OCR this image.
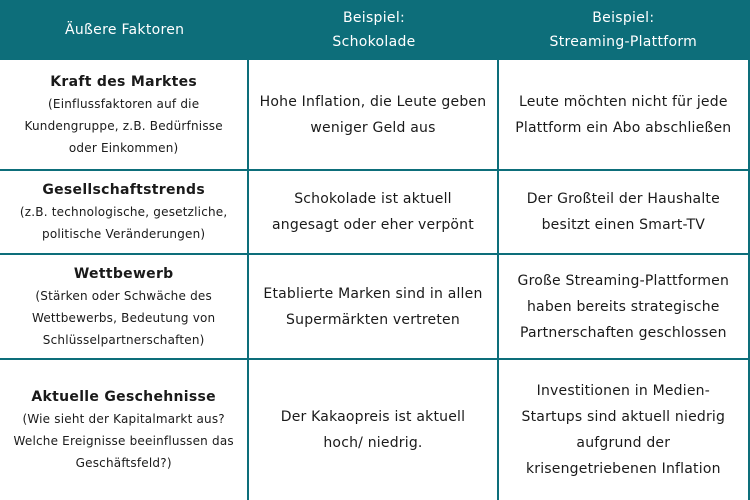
Äußere Faktoren
Beispiel:
Schokolade
Beispiel:
Streaming-Plattform
Kraft des Marktes
(Einflussfaktoren auf die
Kundengruppe, z.B. Bedürfnisse
oder Einkommen)
Hohe Inflation, die Leute geben
weniger Geld aus
Leute möchten nicht für jede
Plattform ein Abo abschließen
Gesellschaftstrends
(z.B. technologische, gesetzliche,
politische Veränderungen)
Schokolade ist aktuell
angesagt oder eher verpönt
Der Großteil der Haushalte
besitzt einen Smart-TV
Wettbewerb
(Stärken oder Schwäche des
Wettbewerbs, Bedeutung von
Schlüsselpartnerschaften)
Etablierte Marken sind in allen
Supermärkten vertreten
Große Streaming-Plattformen
haben bereits strategische
Partnerschaften geschlossen
Aktuelle Geschehnisse
(Wie sieht der Kapitalmarkt aus?
Welche Ereignisse beeinflussen das
Geschäftsfeld?)
Der Kakaopreis ist aktuell
hoch/ niedrig.
Investitionen in Medien-
Startups sind aktuell niedrig
aufgrund der
krisengetriebenen Inflation
